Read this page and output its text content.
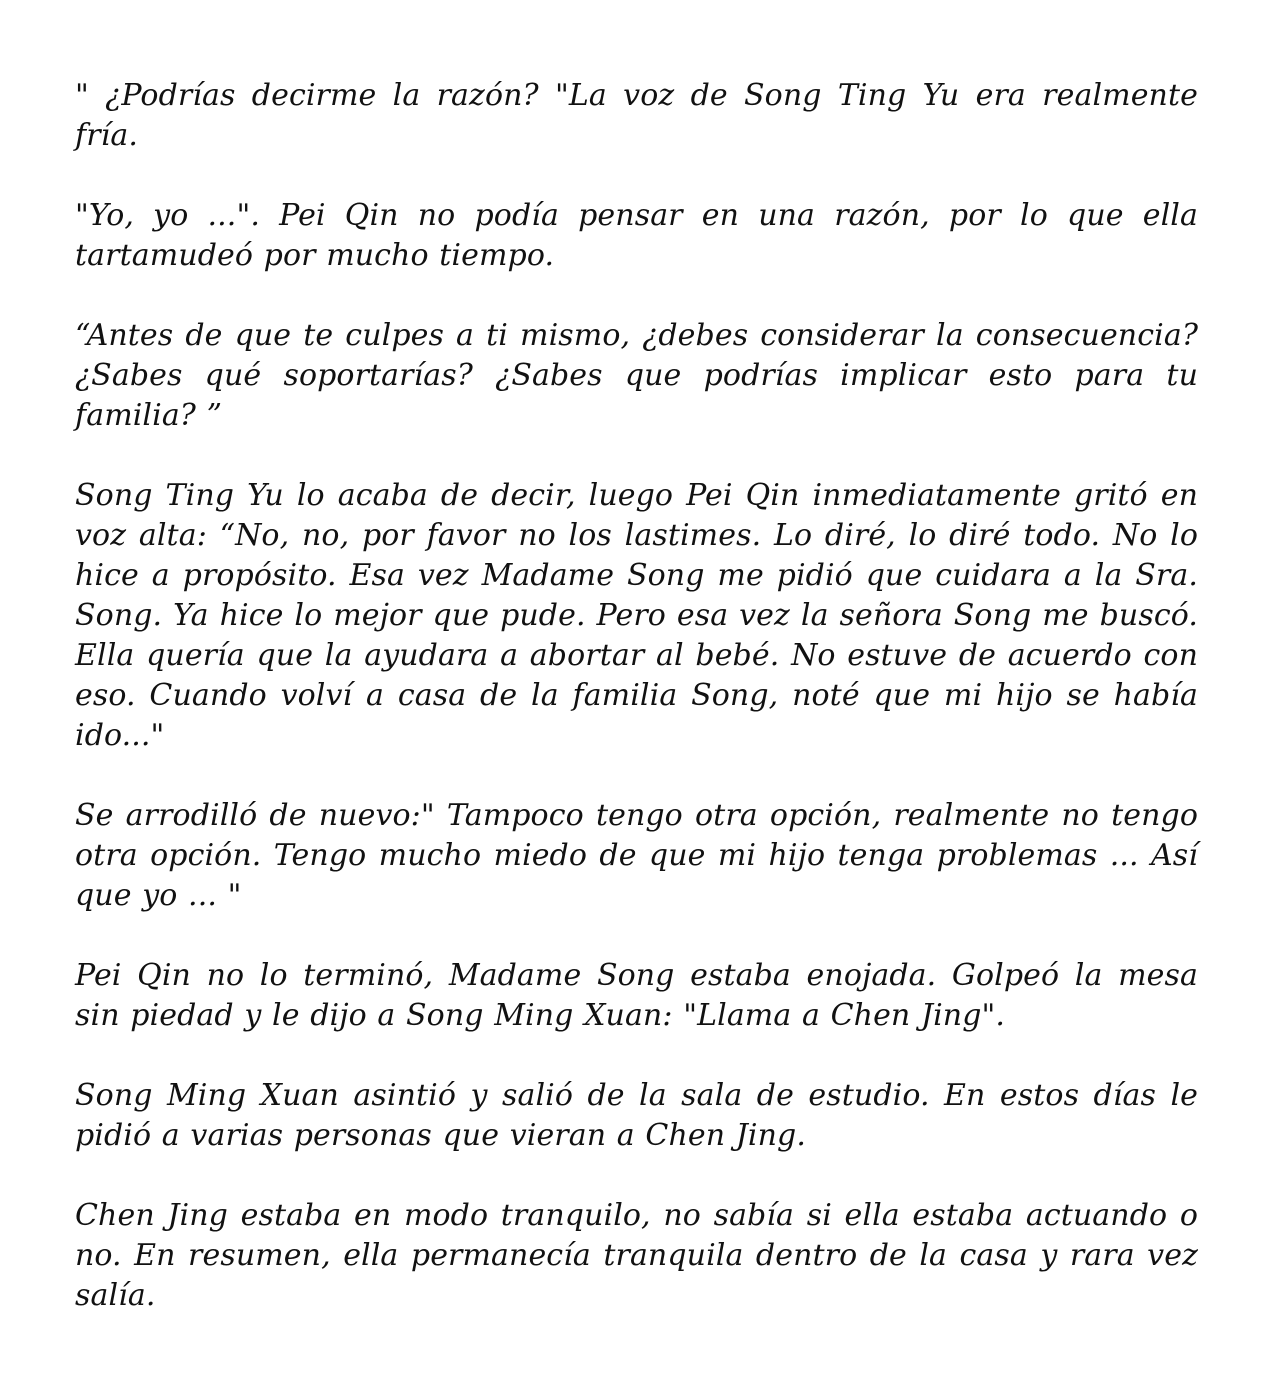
" ¿Podrías decirme la razón? "La voz de Song Ting Yu era realmente fría.

"Yo, yo ...". Pei Qin no podía pensar en una razón, por lo que ella tartamudeó por mucho tiempo.

“Antes de que te culpes a ti mismo, ¿debes considerar la consecuencia? ¿Sabes qué soportarías? ¿Sabes que podrías implicar esto para tu familia? ”

Song Ting Yu lo acaba de decir, luego Pei Qin inmediatamente gritó en voz alta: “No, no, por favor no los lastimes. Lo diré, lo diré todo. No lo hice a propósito. Esa vez Madame Song me pidió que cuidara a la Sra. Song. Ya hice lo mejor que pude. Pero esa vez la señora Song me buscó. Ella quería que la ayudara a abortar al bebé. No estuve de acuerdo con eso. Cuando volví a casa de la familia Song, noté que mi hijo se había ido..."

Se arrodilló de nuevo:" Tampoco tengo otra opción, realmente no tengo otra opción. Tengo mucho miedo de que mi hijo tenga problemas ... Así que yo ... "

Pei Qin no lo terminó, Madame Song estaba enojada. Golpeó la mesa sin piedad y le dijo a Song Ming Xuan: "Llama a Chen Jing".

Song Ming Xuan asintió y salió de la sala de estudio. En estos días le pidió a varias personas que vieran a Chen Jing.

Chen Jing estaba en modo tranquilo, no sabía si ella estaba actuando o no. En resumen, ella permanecía tranquila dentro de la casa y rara vez salía.
